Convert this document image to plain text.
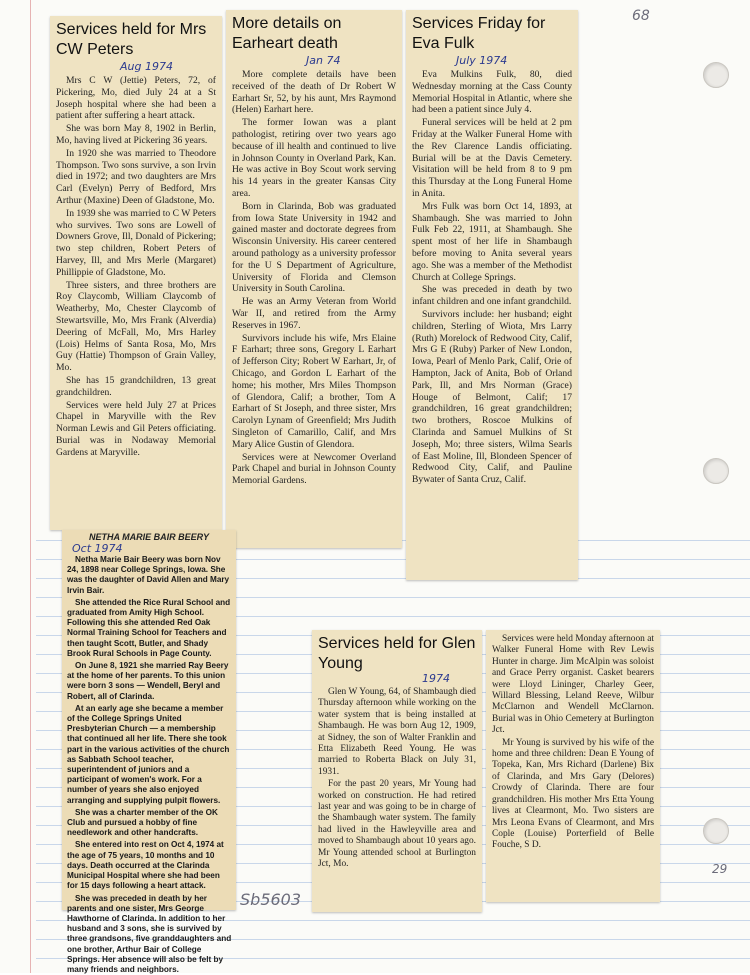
68
29
Sb5603
Services held for Mrs CW Peters
Aug 1974

Mrs C W (Jettie) Peters, 72, of Pickering, Mo, died July 24 at a St Joseph hospital where she had been a patient after suffering a heart attack.

She was born May 8, 1902 in Berlin, Mo, having lived at Pickering 36 years.

In 1920 she was married to Theodore Thompson. Two sons survive, a son Irvin died in 1972; and two daughters are Mrs Carl (Evelyn) Perry of Bedford, Mrs Arthur (Maxine) Deen of Gladstone, Mo.

In 1939 she was married to C W Peters who survives. Two sons are Lowell of Downers Grove, Ill, Donald of Pickering; two step children, Robert Peters of Harvey, Ill, and Mrs Merle (Margaret) Phillippie of Gladstone, Mo.

Three sisters, and three brothers are Roy Claycomb, William Claycomb of Weatherby, Mo, Chester Claycomb of Stewartsville, Mo, Mrs Frank (Alverdia) Deering of McFall, Mo, Mrs Harley (Lois) Helms of Santa Rosa, Mo, Mrs Guy (Hattie) Thompson of Grain Valley, Mo.

She has 15 grandchildren, 13 great grandchildren.

Services were held July 27 at Prices Chapel in Maryville with the Rev Norman Lewis and Gil Peters officiating. Burial was in Nodaway Memorial Gardens at Maryville.

More details on Earheart death
Jan 74

More complete details have been received of the death of Dr Robert W Earhart Sr, 52, by his aunt, Mrs Raymond (Helen) Earhart here.

The former Iowan was a plant pathologist, retiring over two years ago because of ill health and continued to live in Johnson County in Overland Park, Kan. He was active in Boy Scout work serving his 14 years in the greater Kansas City area.

Born in Clarinda, Bob was graduated from Iowa State University in 1942 and gained master and doctorate degrees from Wisconsin University. His career centered around pathology as a university professor for the U S Department of Agriculture, University of Florida and Clemson University in South Carolina.

He was an Army Veteran from World War II, and retired from the Army Reserves in 1967.

Survivors include his wife, Mrs Elaine F Earhart; three sons, Gregory L Earhart of Jefferson City; Robert W Earhart, Jr, of Chicago, and Gordon L Earhart of the home; his mother, Mrs Miles Thompson of Glendora, Calif; a brother, Tom A Earhart of St Joseph, and three sister, Mrs Carolyn Lynam of Greenfield; Mrs Judith Singleton of Camarillo, Calif, and Mrs Mary Alice Gustin of Glendora.

Services were at Newcomer Overland Park Chapel and burial in Johnson County Memorial Gardens.

Services Friday for Eva Fulk
July 1974

Eva Mulkins Fulk, 80, died Wednesday morning at the Cass County Memorial Hospital in Atlantic, where she had been a patient since July 4.

Funeral services will be held at 2 pm Friday at the Walker Funeral Home with the Rev Clarence Landis officiating. Burial will be at the Davis Cemetery. Visitation will be held from 8 to 9 pm this Thursday at the Long Funeral Home in Anita.

Mrs Fulk was born Oct 14, 1893, at Shambaugh. She was married to John Fulk Feb 22, 1911, at Shambaugh. She spent most of her life in Shambaugh before moving to Anita several years ago. She was a member of the Methodist Church at College Springs.

She was preceded in death by two infant children and one infant grandchild.

Survivors include: her husband; eight children, Sterling of Wiota, Mrs Larry (Ruth) Morelock of Redwood City, Calif, Mrs G E (Ruby) Parker of New London, Iowa, Pearl of Menlo Park, Calif, Orie of Hampton, Jack of Anita, Bob of Orland Park, Ill, and Mrs Norman (Grace) Houge of Belmont, Calif; 17 grandchildren, 16 great grandchildren; two brothers, Roscoe Mulkins of Clarinda and Samuel Mulkins of St Joseph, Mo; three sisters, Wilma Searls of East Moline, Ill, Blondeen Spencer of Redwood City, Calif, and Pauline Bywater of Santa Cruz, Calif.

NETHA MARIE BAIR BEERY
Oct 1974

Netha Marie Bair Beery was born Nov 24, 1898 near College Springs, Iowa. She was the daughter of David Allen and Mary Irvin Bair.

She attended the Rice Rural School and graduated from Amity High School. Following this she attended Red Oak Normal Training School for Teachers and then taught Scott, Butler, and Shady Brook Rural Schools in Page County.

On June 8, 1921 she married Ray Beery at the home of her parents. To this union were born 3 sons — Wendell, Beryl and Robert, all of Clarinda.

At an early age she became a member of the College Springs United Presbyterian Church — a membership that continued all her life. There she took part in the various activities of the church as Sabbath School teacher, superintendent of juniors and a participant of women's work. For a number of years she also enjoyed arranging and supplying pulpit flowers.

She was a charter member of the OK Club and pursued a hobby of fine needlework and other handcrafts.

She entered into rest on Oct 4, 1974 at the age of 75 years, 10 months and 10 days. Death occurred at the Clarinda Municipal Hospital where she had been for 15 days following a heart attack.

She was preceded in death by her parents and one sister, Mrs George Hawthorne of Clarinda. In addition to her husband and 3 sons, she is survived by three grandsons, five granddaughters and one brother, Arthur Bair of College Springs. Her absence will also be felt by many friends and neighbors.

Services held for Glen Young
1974

Glen W Young, 64, of Shambaugh died Thursday afternoon while working on the water system that is being installed at Shambaugh. He was born Aug 12, 1909, at Sidney, the son of Walter Franklin and Etta Elizabeth Reed Young. He was married to Roberta Black on July 31, 1931.

For the past 20 years, Mr Young had worked on construction. He had retired last year and was going to be in charge of the Shambaugh water system. The family had lived in the Hawleyville area and moved to Shambaugh about 10 years ago. Mr Young attended school at Burlington Jct, Mo.

Services were held Monday afternoon at Walker Funeral Home with Rev Lewis Hunter in charge. Jim McAlpin was soloist and Grace Perry organist. Casket bearers were Lloyd Lininger, Charley Geer, Willard Blessing, Leland Reeve, Wilbur McClarnon and Wendell McClarnon. Burial was in Ohio Cemetery at Burlington Jct.

Mr Young is survived by his wife of the home and three children: Dean E Young of Topeka, Kan, Mrs Richard (Darlene) Bix of Clarinda, and Mrs Gary (Delores) Crowdy of Clarinda. There are four grandchildren. His mother Mrs Etta Young lives at Clearmont, Mo. Two sisters are Mrs Leona Evans of Clearmont, and Mrs Cople (Louise) Porterfield of Belle Fouche, S D.
